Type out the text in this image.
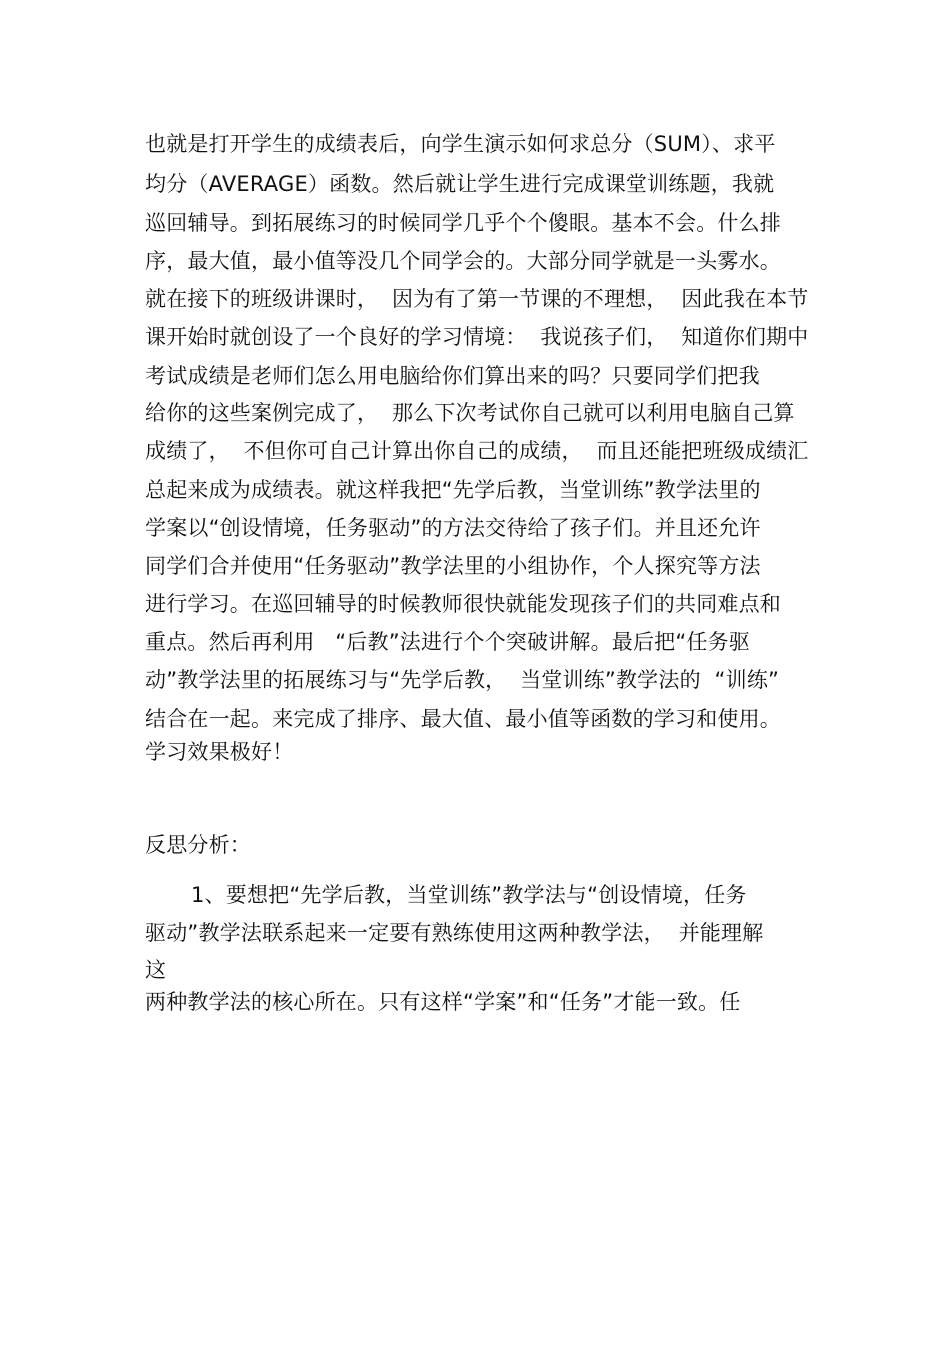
也就是打开学生的成绩表后，向学生演示如何求总分（SUM）、求平
均分（AVERAGE）函数。然后就让学生进行完成课堂训练题，我就
巡回辅导。到拓展练习的时候同学几乎个个傻眼。基本不会。什么排
序，最大值，最小值等没几个同学会的。大部分同学就是一头雾水。
就在接下的班级讲课时，  因为有了第一节课的不理想，  因此我在本节
课开始时就创设了一个良好的学习情境：  我说孩子们，  知道你们期中
考试成绩是老师们怎么用电脑给你们算出来的吗？只要同学们把我
给你的这些案例完成了，  那么下次考试你自己就可以利用电脑自己算
成绩了，  不但你可自己计算出你自己的成绩，  而且还能把班级成绩汇
总起来成为成绩表。就这样我把“先学后教，当堂训练”教学法里的
学案以“创设情境，任务驱动”的方法交待给了孩子们。并且还允许
同学们合并使用“任务驱动”教学法里的小组协作，个人探究等方法
进行学习。在巡回辅导的时候教师很快就能发现孩子们的共同难点和
重点。然后再利用   “后教”法进行个个突破讲解。最后把“任务驱
动”教学法里的拓展练习与“先学后教，  当堂训练”教学法的  “训练”
结合在一起。来完成了排序、最大值、最小值等函数的学习和使用。
学习效果极好！
反思分析：
1、要想把“先学后教，当堂训练”教学法与“创设情境，任务
驱动”教学法联系起来一定要有熟练使用这两种教学法，  并能理解
这
两种教学法的核心所在。只有这样“学案”和“任务”才能一致。任
